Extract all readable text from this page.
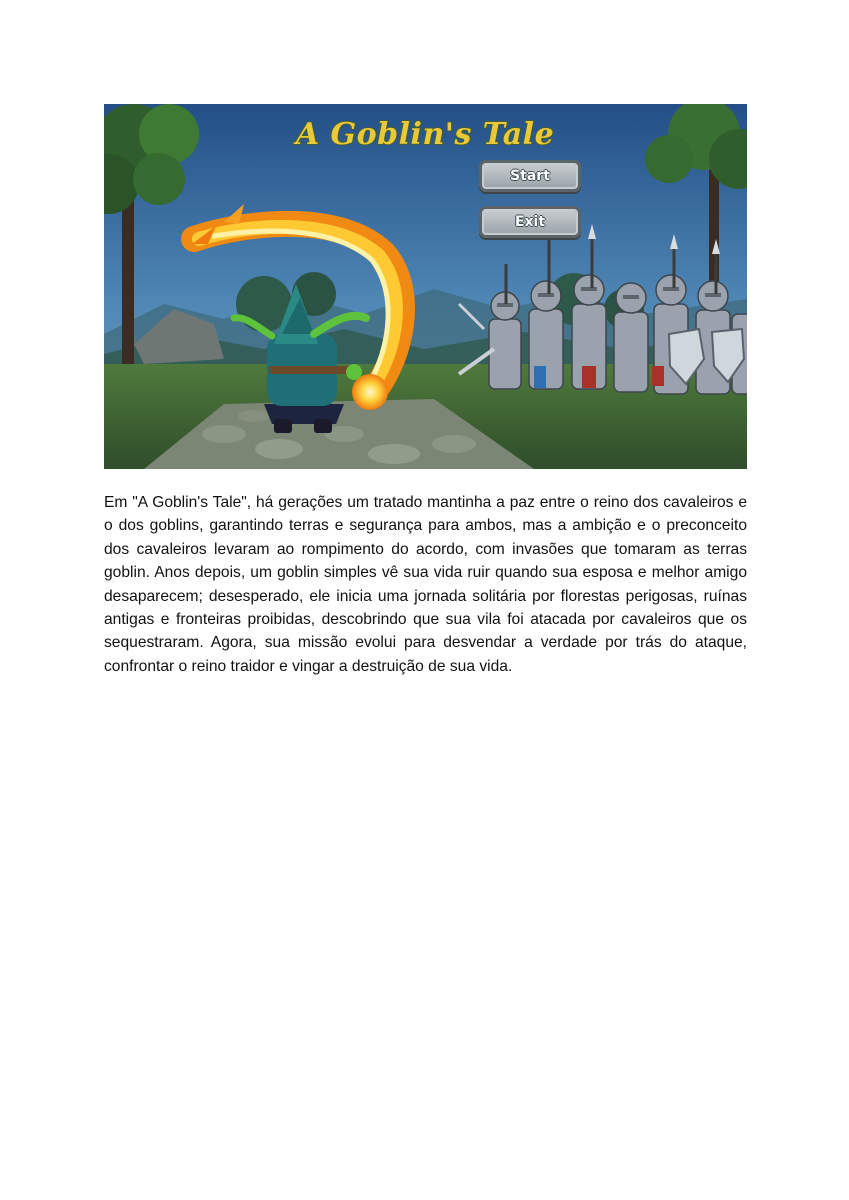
A Goblin's Tale
Start
Exit

Em "A Goblin's Tale", há gerações um tratado mantinha a paz entre o reino dos cavaleiros e o dos goblins, garantindo terras e segurança para ambos, mas a ambição e o preconceito dos cavaleiros levaram ao rompimento do acordo, com invasões que tomaram as terras goblin. Anos depois, um goblin simples vê sua vida ruir quando sua esposa e melhor amigo desaparecem; desesperado, ele inicia uma jornada solitária por florestas perigosas, ruínas antigas e fronteiras proibidas, descobrindo que sua vila foi atacada por cavaleiros que os sequestraram. Agora, sua missão evolui para desvendar a verdade por trás do ataque, confrontar o reino traidor e vingar a destruição de sua vida.
